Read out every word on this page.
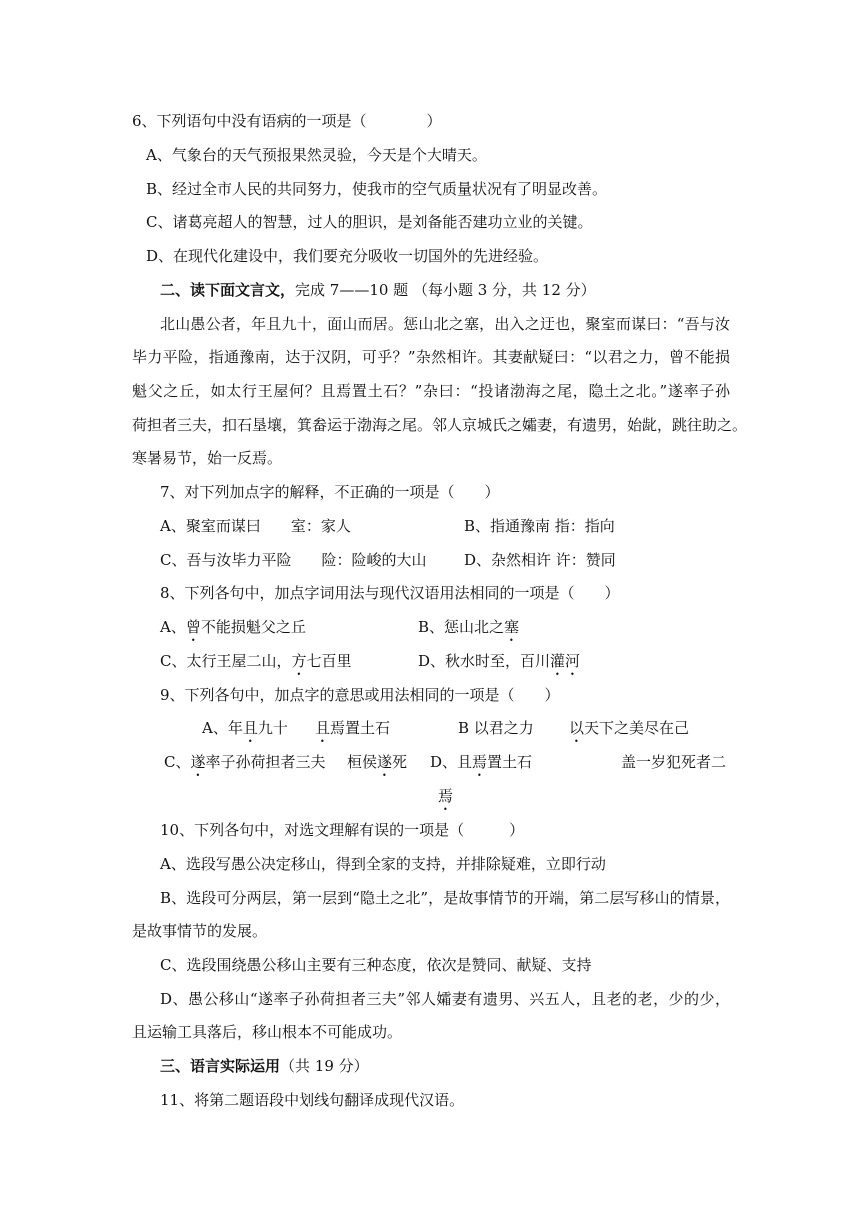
6、下列语句中没有语病的一项是（　　　　）
A、气象台的天气预报果然灵验，今天是个大晴天。
B、经过全市人民的共同努力，使我市的空气质量状况有了明显改善。
C、诸葛亮超人的智慧，过人的胆识，是刘备能否建功立业的关键。
D、在现代化建设中，我们要充分吸收一切国外的先进经验。
二、读下面文言文，完成 7——10 题 （每小题 3 分，共 12 分）
北山愚公者，年且九十，面山而居。惩山北之塞，出入之迂也，聚室而谋曰：“吾与汝
毕力平险，指通豫南，达于汉阴，可乎？”杂然相许。其妻献疑曰：“以君之力，曾不能损
魁父之丘，如太行王屋何？且焉置土石？”杂曰：“投诸渤海之尾，隐土之北。”遂率子孙
荷担者三夫，扣石垦壤，箕畚运于渤海之尾。邻人京城氏之孀妻，有遗男，始龀，跳往助之。
寒暑易节，始一反焉。
7、对下列加点字的解释，不正确的一项是（　　）
A、聚室而谋曰　　室：家人	B、指通豫南 指：指向
C、吾与汝毕力平险　　险：险峻的大山	D、杂然相许 许：赞同
8、下列各句中，加点字词用法与现代汉语用法相同的一项是（　　）
A、曾不能损魁父之丘	B、惩山北之塞
C、太行王屋二山，方七百里	D、秋水时至，百川灌河
9、下列各句中，加点字的意思或用法相同的一项是（　　）
A、年且九十 且焉置土石	B 以君之力 以天下之美尽在己
C、遂率子孙荷担者三夫 桓侯遂死 D、且焉置土石	盖一岁犯死者二
焉
10、下列各句中，对选文理解有误的一项是（　　　）
A、选段写愚公决定移山，得到全家的支持，并排除疑难，立即行动
B、选段可分两层，第一层到“隐土之北”，是故事情节的开端，第二层写移山的情景，
是故事情节的发展。
C、选段围绕愚公移山主要有三种态度，依次是赞同、献疑、支持
D、愚公移山“遂率子孙荷担者三夫”邻人孀妻有遗男、兴五人，且老的老，少的少，
且运输工具落后，移山根本不可能成功。
三、语言实际运用（共 19 分）
11、将第二题语段中划线句翻译成现代汉语。
